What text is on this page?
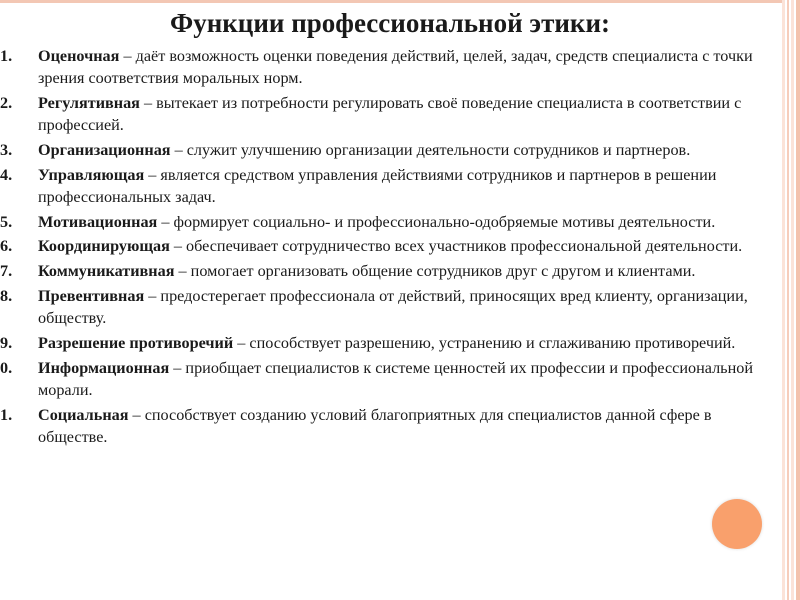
Функции профессиональной этики:
1. Оценочная – даёт возможность оценки поведения действий, целей, задач, средств специалиста с точки зрения соответствия моральных норм.
2. Регулятивная – вытекает из потребности регулировать своё поведение специалиста в соответствии с профессией.
3. Организационная – служит улучшению организации деятельности сотрудников и партнеров.
4. Управляющая – является средством управления действиями сотрудников и партнеров в решении профессиональных задач.
5. Мотивационная – формирует социально- и профессионально-одобряемые мотивы деятельности.
6. Координирующая – обеспечивает сотрудничество всех участников профессиональной деятельности.
7. Коммуникативная – помогает организовать общение сотрудников друг с другом и клиентами.
8. Превентивная – предостерегает профессионала от действий, приносящих вред клиенту, организации, обществу.
9. Разрешение противоречий – способствует разрешению, устранению и сглаживанию противоречий.
0. Информационная – приобщает специалистов к системе ценностей их профессии и профессиональной морали.
1. Социальная – способствует созданию условий благоприятных для специалистов данной сфере в обществе.
